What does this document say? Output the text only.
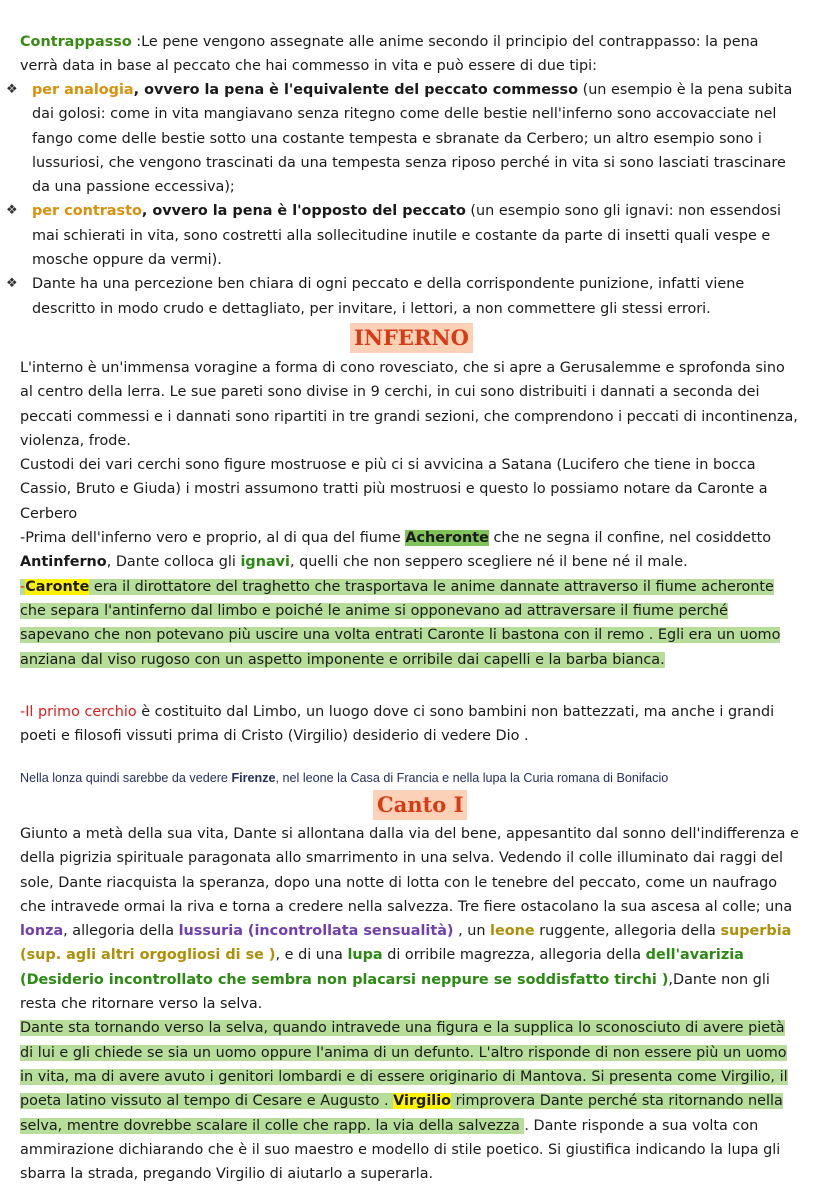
Contrappasso :Le pene vengono assegnate alle anime secondo il principio del contrappasso: la pena verrà data in base al peccato che hai commesso in vita e può essere di due tipi:
❖ per analogia, ovvero la pena è l'equivalente del peccato commesso (un esempio è la pena subita dai golosi: come in vita mangiavano senza ritegno come delle bestie nell'inferno sono accovacciate nel fango come delle bestie sotto una costante tempesta e sbranate da Cerbero; un altro esempio sono i lussuriosi, che vengono trascinati da una tempesta senza riposo perché in vita si sono lasciati trascinare da una passione eccessiva);
❖ per contrasto, ovvero la pena è l'opposto del peccato (un esempio sono gli ignavi: non essendosi mai schierati in vita, sono costretti alla sollecitudine inutile e costante da parte di insetti quali vespe e mosche oppure da vermi).
❖ Dante ha una percezione ben chiara di ogni peccato e della corrispondente punizione, infatti viene descritto in modo crudo e dettagliato, per invitare, i lettori, a non commettere gli stessi errori.
INFERNO
L'interno è un'immensa voragine a forma di cono rovesciato, che si apre a Gerusalemme e sprofonda sino al centro della lerra. Le sue pareti sono divise in 9 cerchi, in cui sono distribuiti i dannati a seconda dei peccati commessi e i dannati sono ripartiti in tre grandi sezioni, che comprendono i peccati di incontinenza, violenza, frode.
Custodi dei vari cerchi sono figure mostruose e più ci si avvicina a Satana (Lucifero che tiene in bocca Cassio, Bruto e Giuda) i mostri assumono tratti più mostruosi e questo lo possiamo notare da Caronte a Cerbero
-Prima dell'inferno vero e proprio, al di qua del fiume Acheronte che ne segna il confine, nel cosiddetto Antinferno, Dante colloca gli ignavi, quelli che non seppero scegliere né il bene né il male.
-Caronte era il dirottatore del traghetto che trasportava le anime dannate attraverso il fiume acheronte che separa l'antinferno dal limbo e poiché le anime si opponevano ad attraversare il fiume perché sapevano che non potevano più uscire una volta entrati Caronte li bastona con il remo . Egli era un uomo anziana dal viso rugoso con un aspetto imponente e orribile dai capelli e la barba bianca.
-Il primo cerchio è costituito dal Limbo, un luogo dove ci sono bambini non battezzati, ma anche i grandi poeti e filosofi vissuti prima di Cristo (Virgilio) desiderio di vedere Dio .
Nella lonza quindi sarebbe da vedere Firenze, nel leone la Casa di Francia e nella lupa la Curia romana di Bonifacio
Canto I
Giunto a metà della sua vita, Dante si allontana dalla via del bene, appesantito dal sonno dell'indifferenza e della pigrizia spirituale paragonata allo smarrimento in una selva. Vedendo il colle illuminato dai raggi del sole, Dante riacquista la speranza, dopo una notte di lotta con le tenebre del peccato, come un naufrago che intravede ormai la riva e torna a credere nella salvezza. Tre fiere ostacolano la sua ascesa al colle; una lonza, allegoria della lussuria (incontrollata sensualità) , un leone ruggente, allegoria della superbia (sup. agli altri orgogliosi di se ), e di una lupa di orribile magrezza, allegoria della dell'avarizia (Desiderio incontrollato che sembra non placarsi neppure se soddisfatto tirchi ),Dante non gli resta che ritornare verso la selva.
Dante sta tornando verso la selva, quando intravede una figura e la supplica lo sconosciuto di avere pietà di lui e gli chiede se sia un uomo oppure l'anima di un defunto. L'altro risponde di non essere più un uomo in vita, ma di avere avuto i genitori lombardi e di essere originario di Mantova. Si presenta come Virgilio, il poeta latino vissuto al tempo di Cesare e Augusto . Virgilio rimprovera Dante perché sta ritornando nella selva, mentre dovrebbe scalare il colle che rapp. la via della salvezza . Dante risponde a sua volta con ammirazione dichiarando che è il suo maestro e modello di stile poetico. Si giustifica indicando la lupa gli sbarra la strada, pregando Virgilio di aiutarlo a superarla.
